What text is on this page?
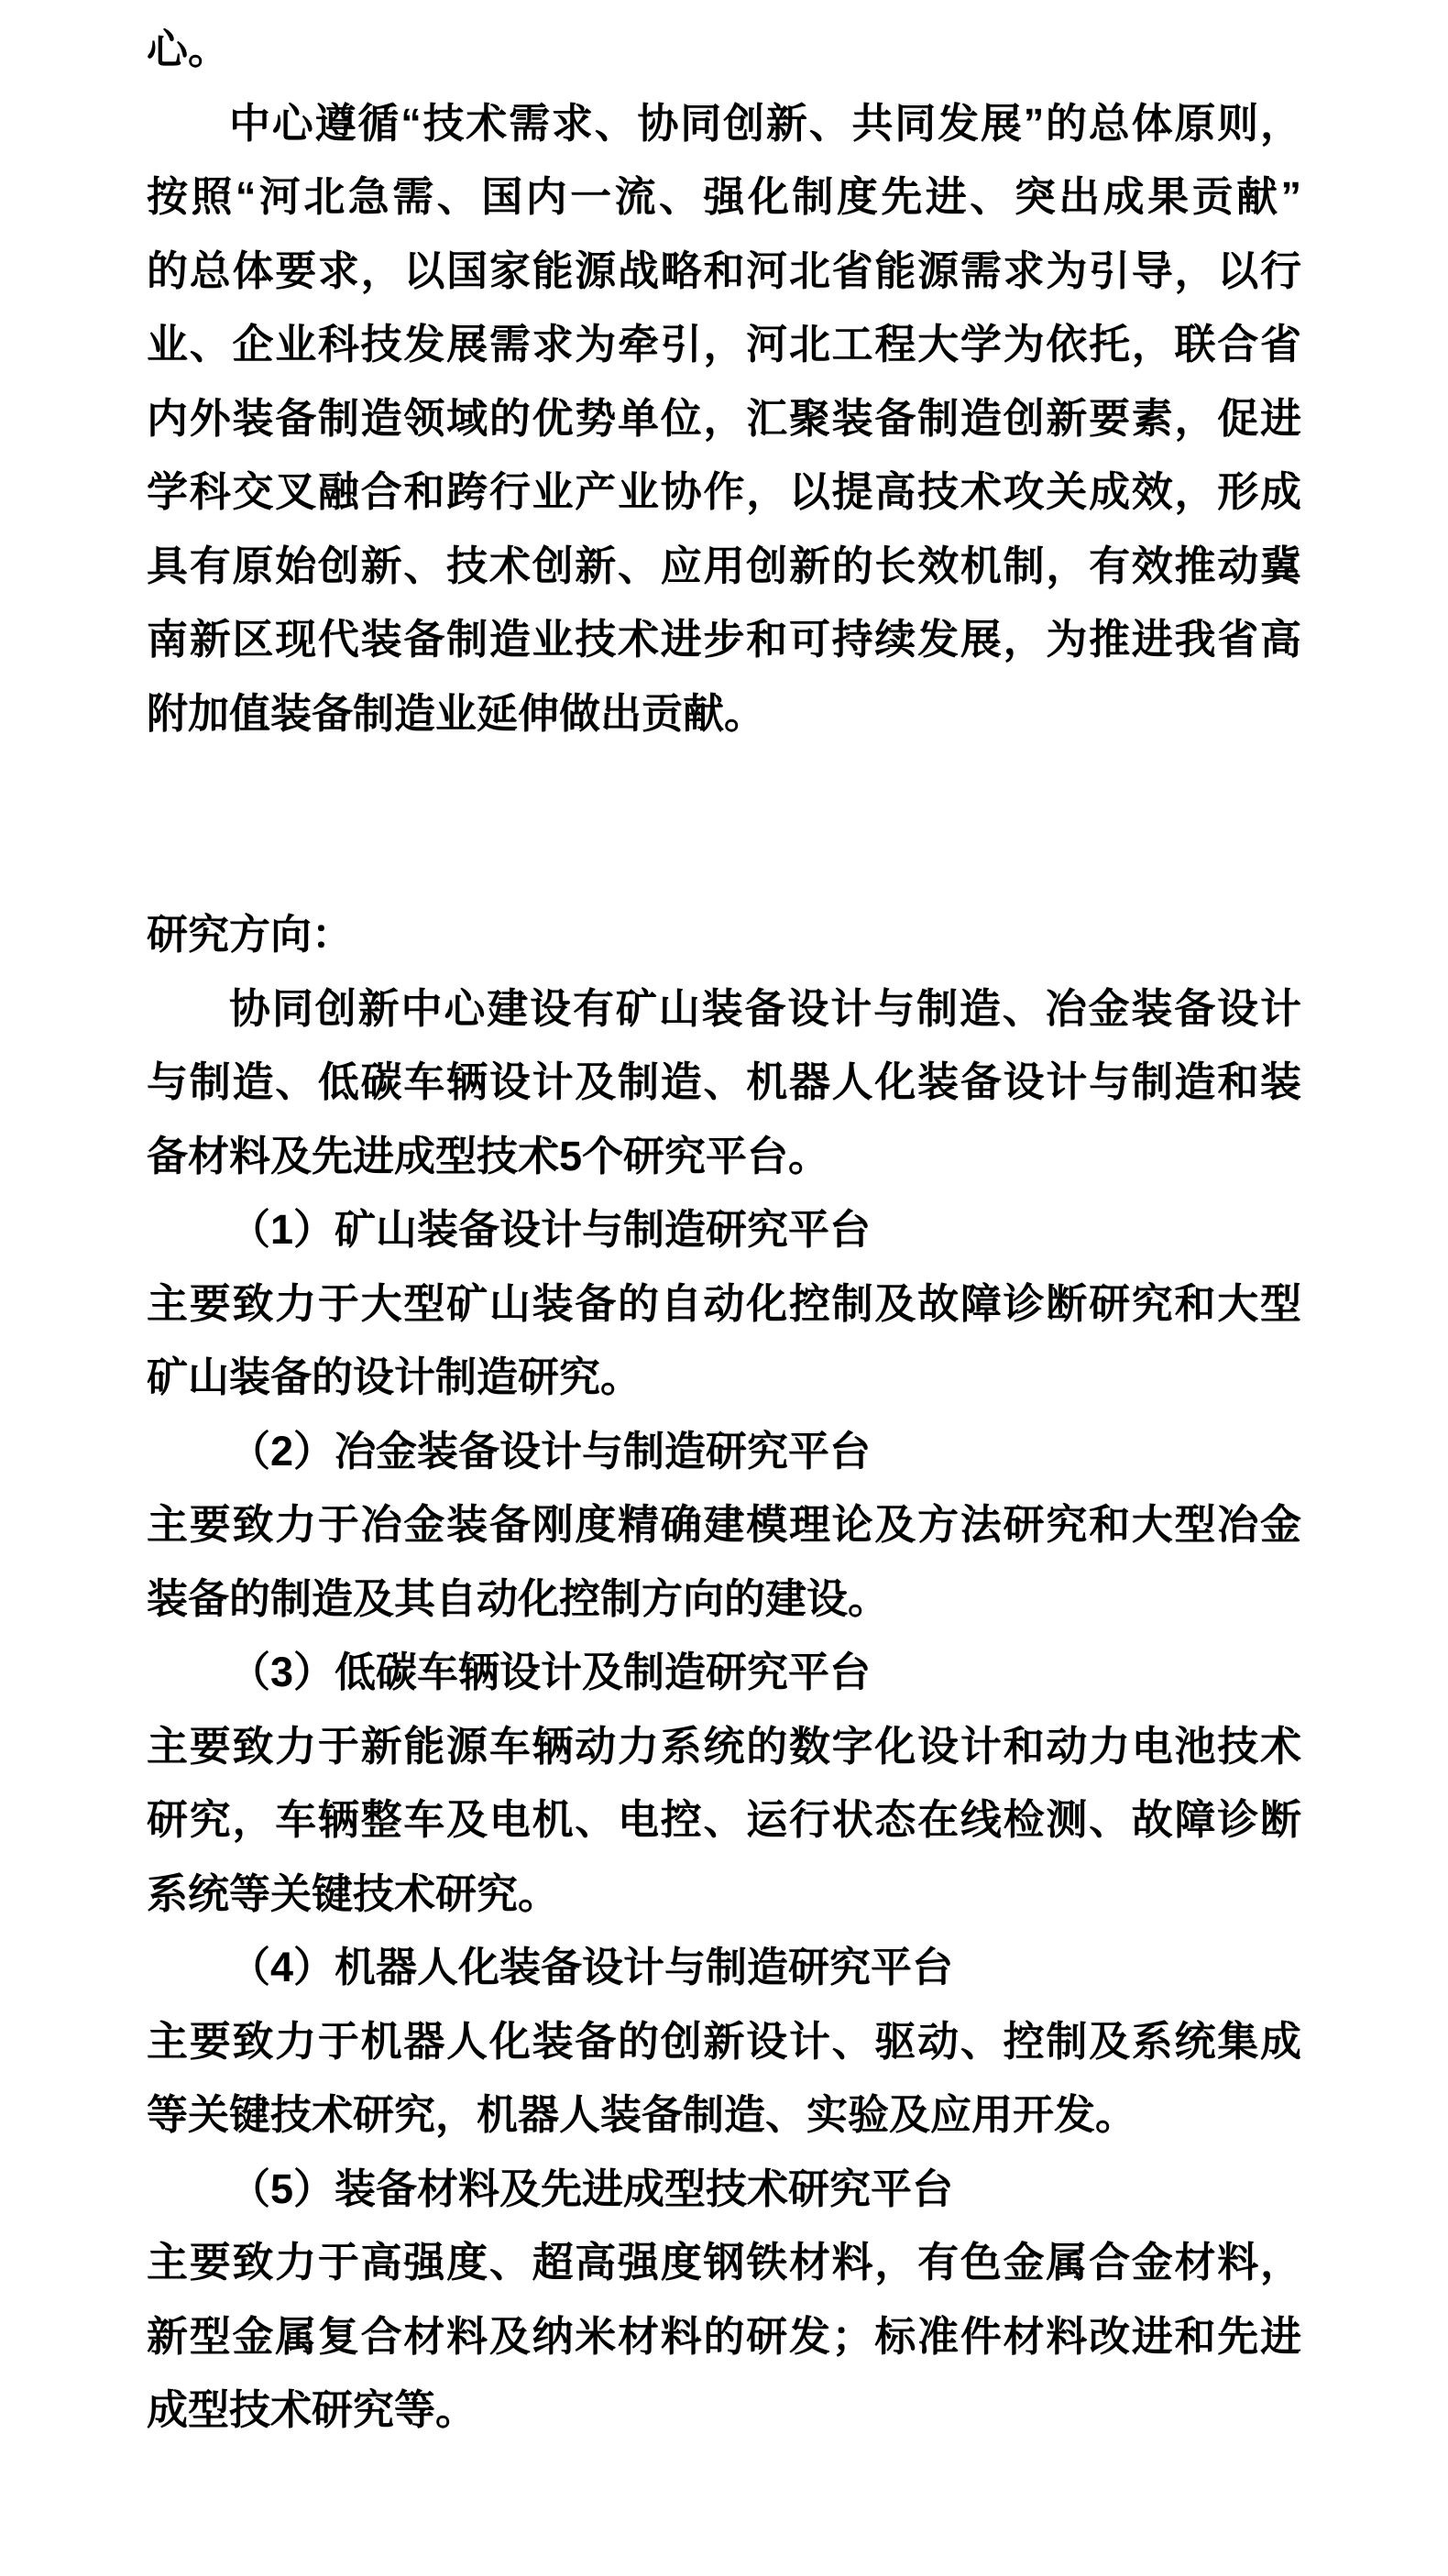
心。
中心遵循“技术需求、协同创新、共同发展”的总体原则，
按照“河北急需、国内一流、强化制度先进、突出成果贡献”
的总体要求，以国家能源战略和河北省能源需求为引导，以行
业、企业科技发展需求为牵引，河北工程大学为依托，联合省
内外装备制造领域的优势单位，汇聚装备制造创新要素，促进
学科交叉融合和跨行业产业协作，以提高技术攻关成效，形成
具有原始创新、技术创新、应用创新的长效机制，有效推动冀
南新区现代装备制造业技术进步和可持续发展，为推进我省高
附加值装备制造业延伸做出贡献。
研究方向：
协同创新中心建设有矿山装备设计与制造、冶金装备设计
与制造、低碳车辆设计及制造、机器人化装备设计与制造和装
备材料及先进成型技术5个研究平台。
（1）矿山装备设计与制造研究平台
主要致力于大型矿山装备的自动化控制及故障诊断研究和大型
矿山装备的设计制造研究。
（2）冶金装备设计与制造研究平台
主要致力于冶金装备刚度精确建模理论及方法研究和大型冶金
装备的制造及其自动化控制方向的建设。
（3）低碳车辆设计及制造研究平台
主要致力于新能源车辆动力系统的数字化设计和动力电池技术
研究，车辆整车及电机、电控、运行状态在线检测、故障诊断
系统等关键技术研究。
（4）机器人化装备设计与制造研究平台
主要致力于机器人化装备的创新设计、驱动、控制及系统集成
等关键技术研究，机器人装备制造、实验及应用开发。
（5）装备材料及先进成型技术研究平台
主要致力于高强度、超高强度钢铁材料，有色金属合金材料，
新型金属复合材料及纳米材料的研发；标准件材料改进和先进
成型技术研究等。
